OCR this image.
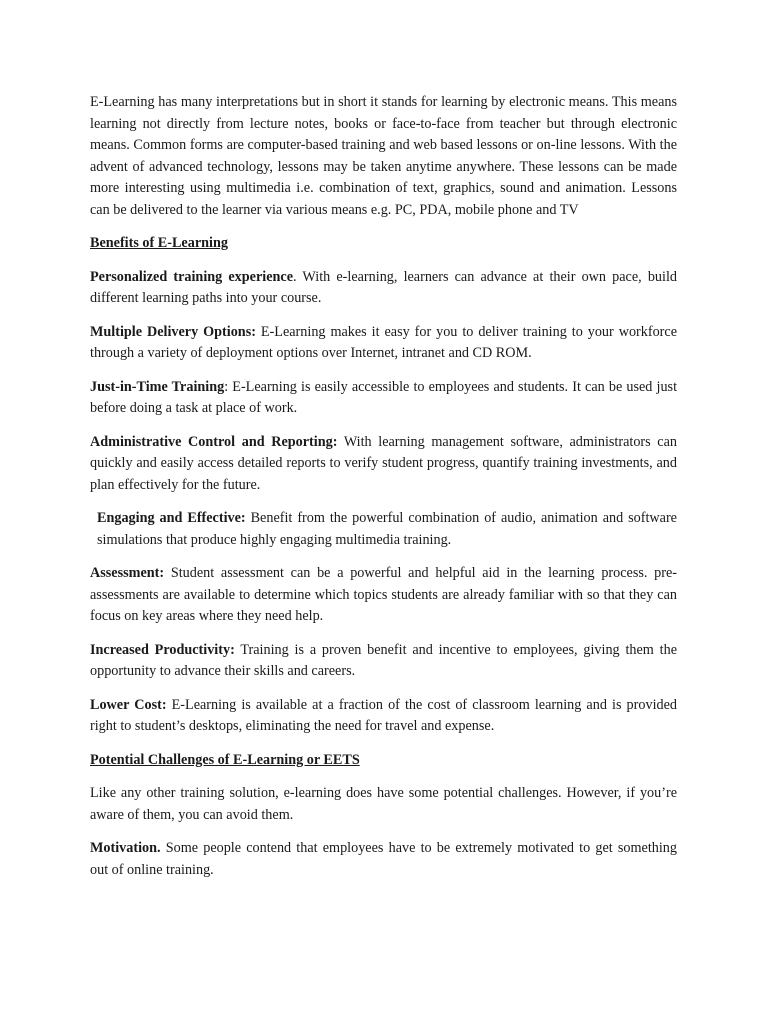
E-Learning has many interpretations but in short it stands for learning by electronic means. This means learning not directly from lecture notes, books or face-to-face from teacher but through electronic means. Common forms are computer-based training and web based lessons or on-line lessons. With the advent of advanced technology, lessons may be taken anytime anywhere. These lessons can be made more interesting using multimedia i.e. combination of text, graphics, sound and animation. Lessons can be delivered to the learner via various means e.g. PC, PDA, mobile phone and TV

Benefits of E-Learning

Personalized training experience. With e-learning, learners can advance at their own pace, build different learning paths into your course.

Multiple Delivery Options: E-Learning makes it easy for you to deliver training to your workforce through a variety of deployment options over Internet, intranet and CD ROM.

Just-in-Time Training: E-Learning is easily accessible to employees and students. It can be used just before doing a task at place of work.

Administrative Control and Reporting: With learning management software, administrators can quickly and easily access detailed reports to verify student progress, quantify training investments, and plan effectively for the future.

Engaging and Effective: Benefit from the powerful combination of audio, animation and software simulations that produce highly engaging multimedia training.

Assessment: Student assessment can be a powerful and helpful aid in the learning process. pre-assessments are available to determine which topics students are already familiar with so that they can focus on key areas where they need help.

Increased Productivity: Training is a proven benefit and incentive to employees, giving them the opportunity to advance their skills and careers.

Lower Cost: E-Learning is available at a fraction of the cost of classroom learning and is provided right to student’s desktops, eliminating the need for travel and expense.

Potential Challenges of E-Learning or EETS

Like any other training solution, e-learning does have some potential challenges. However, if you’re aware of them, you can avoid them.

Motivation. Some people contend that employees have to be extremely motivated to get something out of online training.
